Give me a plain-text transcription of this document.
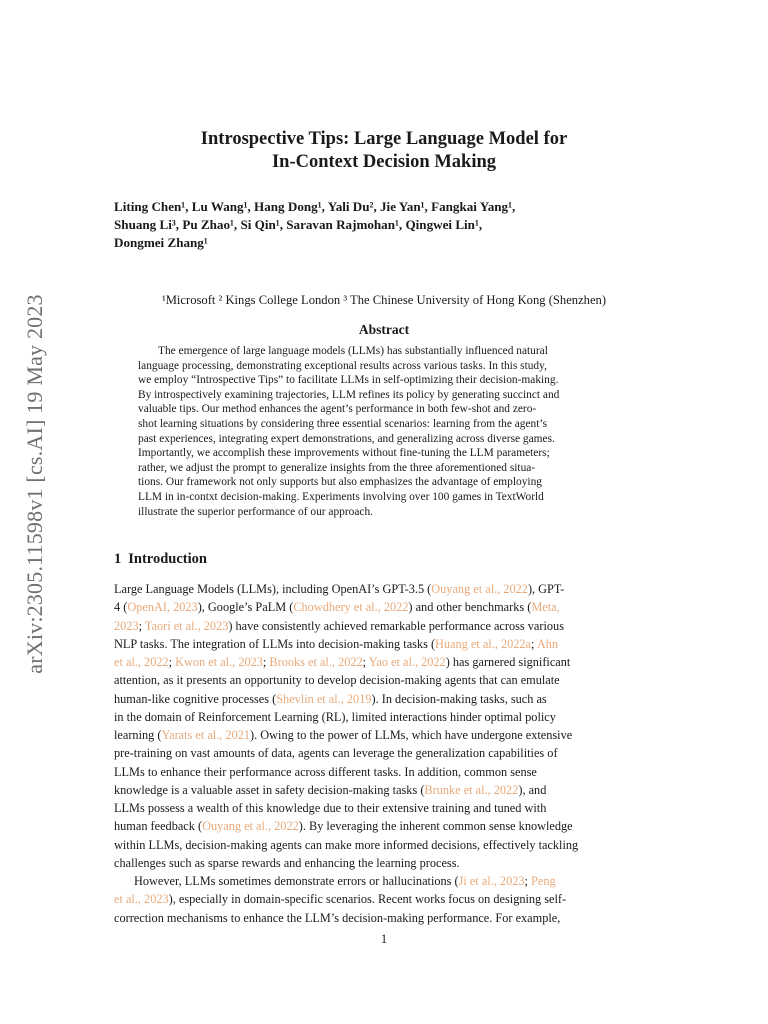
arXiv:2305.11598v1 [cs.AI] 19 May 2023
Introspective Tips: Large Language Model for
In-Context Decision Making
Liting Chen¹, Lu Wang¹, Hang Dong¹, Yali Du², Jie Yan¹, Fangkai Yang¹,
Shuang Li³, Pu Zhao¹, Si Qin¹, Saravan Rajmohan¹, Qingwei Lin¹,
Dongmei Zhang¹
¹Microsoft ² Kings College London ³ The Chinese University of Hong Kong (Shenzhen)
Abstract
The emergence of large language models (LLMs) has substantially influenced natural
language processing, demonstrating exceptional results across various tasks. In this study,
we employ “Introspective Tips” to facilitate LLMs in self-optimizing their decision-making.
By introspectively examining trajectories, LLM refines its policy by generating succinct and
valuable tips. Our method enhances the agent’s performance in both few-shot and zero-
shot learning situations by considering three essential scenarios: learning from the agent’s
past experiences, integrating expert demonstrations, and generalizing across diverse games.
Importantly, we accomplish these improvements without fine-tuning the LLM parameters;
rather, we adjust the prompt to generalize insights from the three aforementioned situa-
tions. Our framework not only supports but also emphasizes the advantage of employing
LLM in in-contxt decision-making. Experiments involving over 100 games in TextWorld
illustrate the superior performance of our approach.
1 Introduction
Large Language Models (LLMs), including OpenAI’s GPT-3.5 (Ouyang et al., 2022), GPT-
4 (OpenAI, 2023), Google’s PaLM (Chowdhery et al., 2022) and other benchmarks (Meta,
2023; Taori et al., 2023) have consistently achieved remarkable performance across various
NLP tasks. The integration of LLMs into decision-making tasks (Huang et al., 2022a; Ahn
et al., 2022; Kwon et al., 2023; Brooks et al., 2022; Yao et al., 2022) has garnered significant
attention, as it presents an opportunity to develop decision-making agents that can emulate
human-like cognitive processes (Shevlin et al., 2019). In decision-making tasks, such as
in the domain of Reinforcement Learning (RL), limited interactions hinder optimal policy
learning (Yarats et al., 2021). Owing to the power of LLMs, which have undergone extensive
pre-training on vast amounts of data, agents can leverage the generalization capabilities of
LLMs to enhance their performance across different tasks. In addition, common sense
knowledge is a valuable asset in safety decision-making tasks (Brunke et al., 2022), and
LLMs possess a wealth of this knowledge due to their extensive training and tuned with
human feedback (Ouyang et al., 2022). By leveraging the inherent common sense knowledge
within LLMs, decision-making agents can make more informed decisions, effectively tackling
challenges such as sparse rewards and enhancing the learning process.
However, LLMs sometimes demonstrate errors or hallucinations (Ji et al., 2023; Peng
et al., 2023), especially in domain-specific scenarios. Recent works focus on designing self-
correction mechanisms to enhance the LLM’s decision-making performance. For example,
1
